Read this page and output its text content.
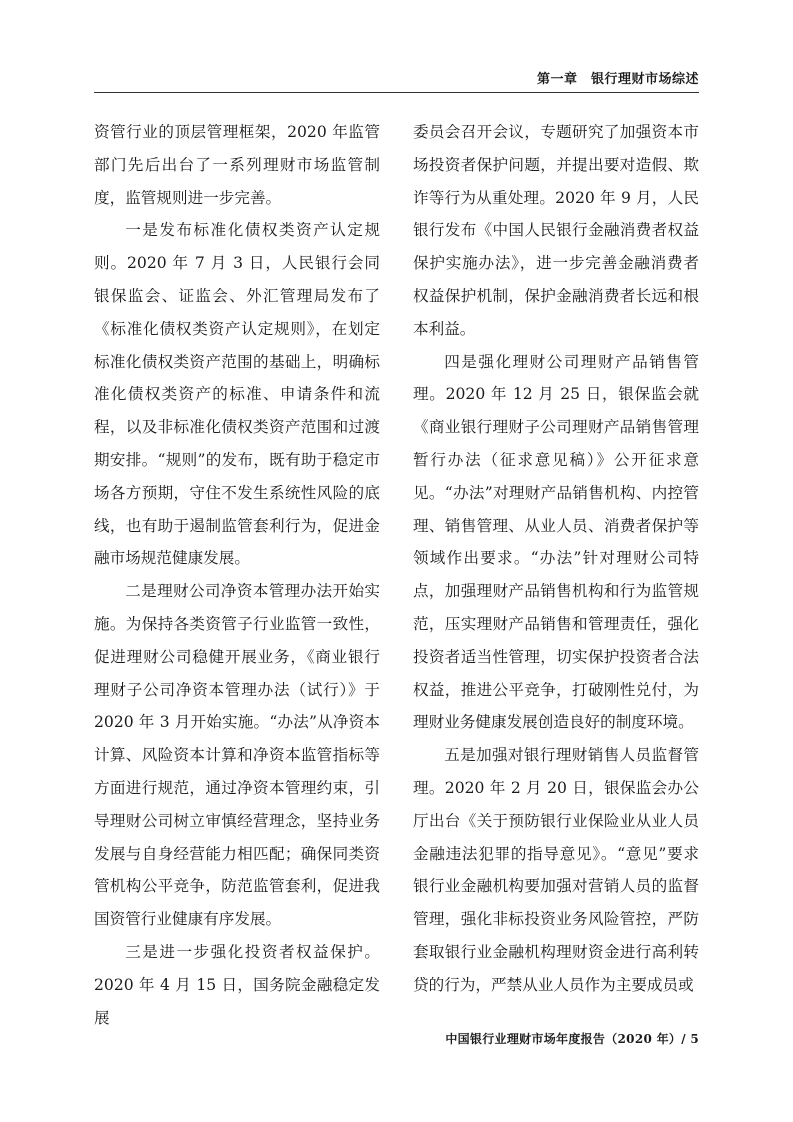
第一章　银行理财市场综述

资管行业的顶层管理框架，2020 年监管部门先后出台了一系列理财市场监管制度，监管规则进一步完善。

一是发布标准化债权类资产认定规则。2020 年 7 月 3 日，人民银行会同银保监会、证监会、外汇管理局发布了《标准化债权类资产认定规则》，在划定标准化债权类资产范围的基础上，明确标准化债权类资产的标准、申请条件和流程，以及非标准化债权类资产范围和过渡期安排。“规则”的发布，既有助于稳定市场各方预期，守住不发生系统性风险的底线，也有助于遏制监管套利行为，促进金融市场规范健康发展。

二是理财公司净资本管理办法开始实施。为保持各类资管子行业监管一致性，促进理财公司稳健开展业务，《商业银行理财子公司净资本管理办法（试行）》于 2020 年 3 月开始实施。“办法”从净资本计算、风险资本计算和净资本监管指标等方面进行规范，通过净资本管理约束，引导理财公司树立审慎经营理念，坚持业务发展与自身经营能力相匹配；确保同类资管机构公平竞争，防范监管套利，促进我国资管行业健康有序发展。

三是进一步强化投资者权益保护。2020 年 4 月 15 日，国务院金融稳定发展

委员会召开会议，专题研究了加强资本市场投资者保护问题，并提出要对造假、欺诈等行为从重处理。2020 年 9 月，人民银行发布《中国人民银行金融消费者权益保护实施办法》，进一步完善金融消费者权益保护机制，保护金融消费者长远和根本利益。

四是强化理财公司理财产品销售管理。2020 年 12 月 25 日，银保监会就《商业银行理财子公司理财产品销售管理暂行办法（征求意见稿）》公开征求意见。“办法”对理财产品销售机构、内控管理、销售管理、从业人员、消费者保护等领域作出要求。“办法”针对理财公司特点，加强理财产品销售机构和行为监管规范，压实理财产品销售和管理责任，强化投资者适当性管理，切实保护投资者合法权益，推进公平竞争，打破刚性兑付，为理财业务健康发展创造良好的制度环境。

五是加强对银行理财销售人员监督管理。2020 年 2 月 20 日，银保监会办公厅出台《关于预防银行业保险业从业人员金融违法犯罪的指导意见》。“意见”要求银行业金融机构要加强对营销人员的监督管理，强化非标投资业务风险管控，严防套取银行业金融机构理财资金进行高利转贷的行为，严禁从业人员作为主要成员或

中国银行业理财市场年度报告（2020 年）/ 5
